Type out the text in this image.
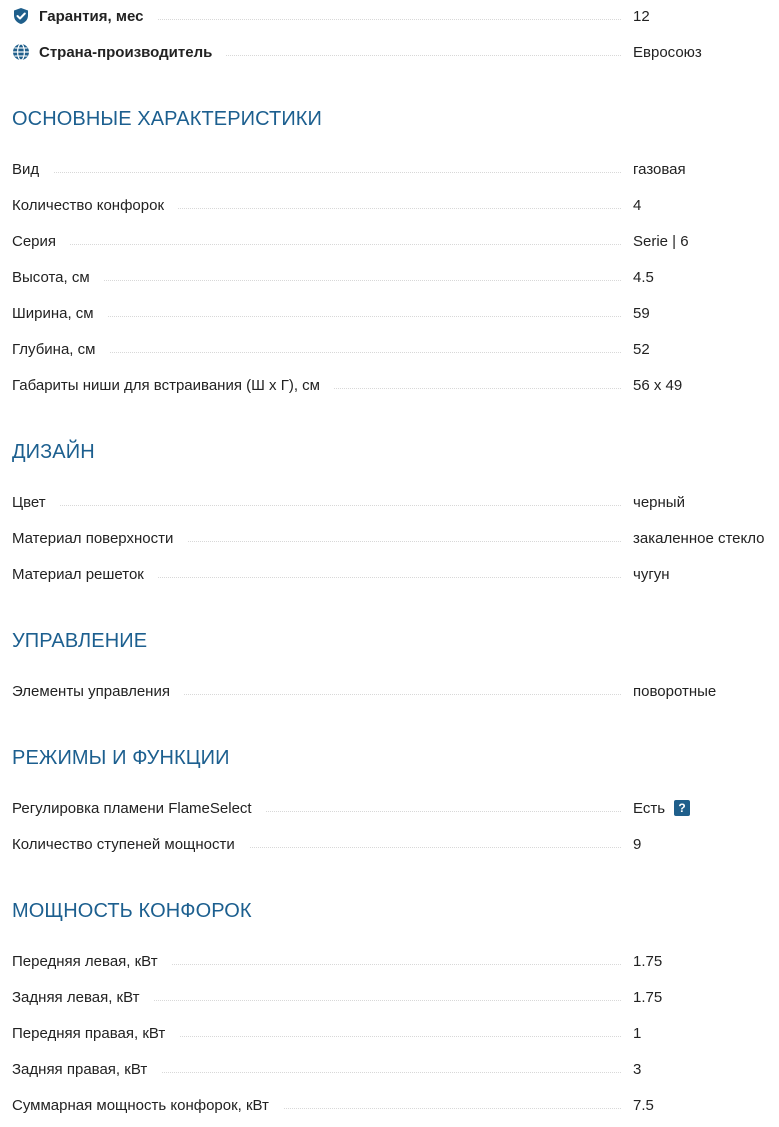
Гарантия, мес	12
Страна-производитель	Евросоюз
ОСНОВНЫЕ ХАРАКТЕРИСТИКИ
Вид	газовая
Количество конфорок	4
Серия	Serie | 6
Высота, см	4.5
Ширина, см	59
Глубина, см	52
Габариты ниши для встраивания (Ш x Г), см	56 x 49
ДИЗАЙН
Цвет	черный
Материал поверхности	закаленное стекло
Материал решеток	чугун
УПРАВЛЕНИЕ
Элементы управления	поворотные
РЕЖИМЫ И ФУНКЦИИ
Регулировка пламени FlameSelect	Есть	?
Количество ступеней мощности	9
МОЩНОСТЬ КОНФОРОК
Передняя левая, кВт	1.75
Задняя левая, кВт	1.75
Передняя правая, кВт	1
Задняя правая, кВт	3
Суммарная мощность конфорок, кВт	7.5
